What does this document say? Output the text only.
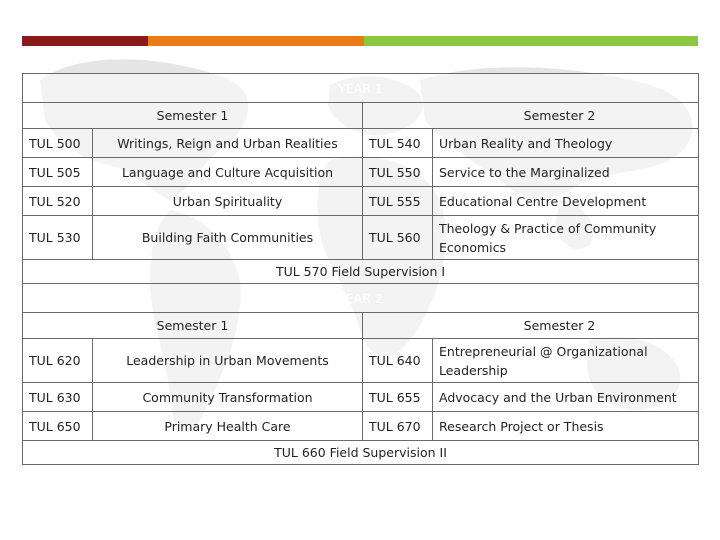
YEAR 1			
Semester 1		Semester 2	
TUL 500	Writings, Reign and Urban Realities	TUL 540	Urban Reality and Theology
TUL 505	Language and Culture Acquisition	TUL 550	Service to the Marginalized
TUL 520	Urban Spirituality	TUL 555	Educational Centre Development
TUL 530	Building Faith Communities	TUL 560	Theology & Practice of Community Economics
TUL 570 Field Supervision I			
YEAR 2			
Semester 1		Semester 2	
TUL 620	Leadership in Urban Movements	TUL 640	Entrepreneurial @ Organizational Leadership
TUL 630	Community Transformation	TUL 655	Advocacy and the Urban Environment
TUL 650	Primary Health Care	TUL 670	Research Project or Thesis
TUL 660 Field Supervision II			
